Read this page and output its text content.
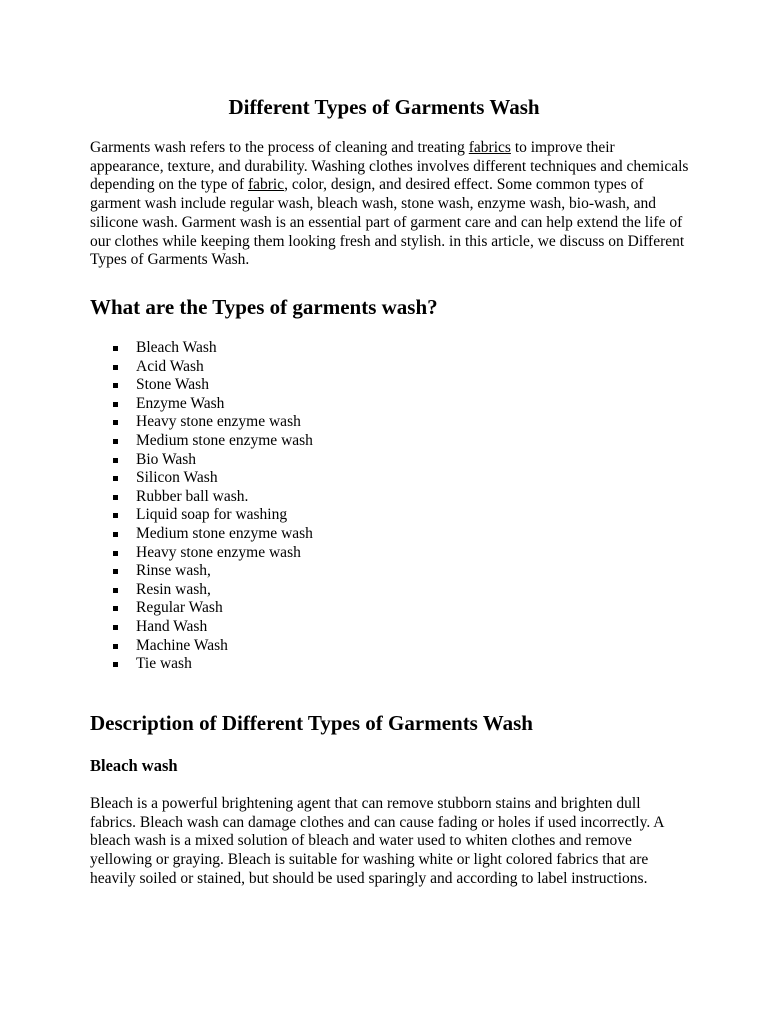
Different Types of Garments Wash

Garments wash refers to the process of cleaning and treating fabrics to improve their appearance, texture, and durability. Washing clothes involves different techniques and chemicals depending on the type of fabric, color, design, and desired effect. Some common types of garment wash include regular wash, bleach wash, stone wash, enzyme wash, bio-wash, and silicone wash. Garment wash is an essential part of garment care and can help extend the life of our clothes while keeping them looking fresh and stylish. in this article, we discuss on Different Types of Garments Wash.

What are the Types of garments wash?
Bleach Wash
Acid Wash
Stone Wash
Enzyme Wash
Heavy stone enzyme wash
Medium stone enzyme wash
Bio Wash
Silicon Wash
Rubber ball wash.
Liquid soap for washing
Medium stone enzyme wash
Heavy stone enzyme wash
Rinse wash,
Resin wash,
Regular Wash
Hand Wash
Machine Wash
Tie wash
Description of Different Types of Garments Wash
Bleach wash

Bleach is a powerful brightening agent that can remove stubborn stains and brighten dull fabrics. Bleach wash can damage clothes and can cause fading or holes if used incorrectly. A bleach wash is a mixed solution of bleach and water used to whiten clothes and remove yellowing or graying. Bleach is suitable for washing white or light colored fabrics that are heavily soiled or stained, but should be used sparingly and according to label instructions.
